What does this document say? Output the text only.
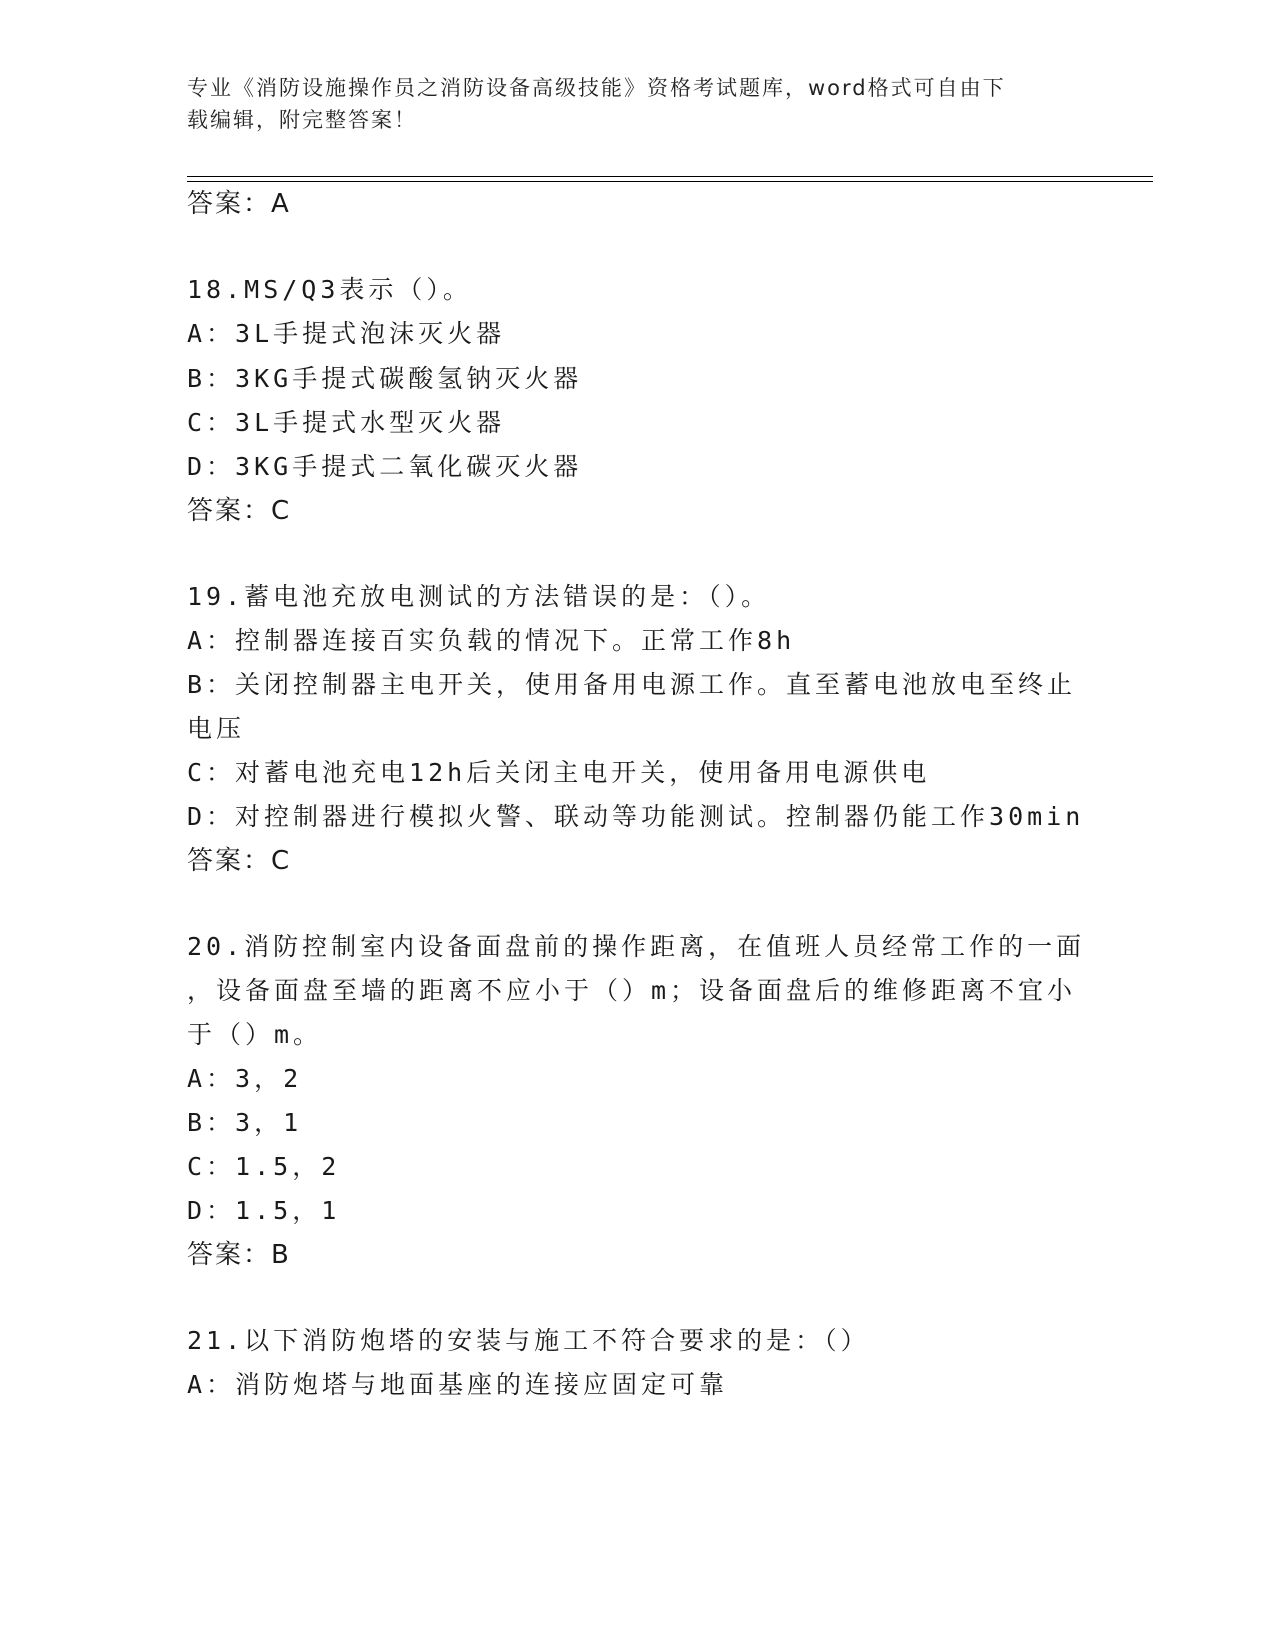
专业《消防设施操作员之消防设备高级技能》资格考试题库，word格式可自由下
载编辑，附完整答案！
答案：A
18.MS/Q3表示（）。
A：3L手提式泡沫灭火器
B：3KG手提式碳酸氢钠灭火器
C：3L手提式水型灭火器
D：3KG手提式二氧化碳灭火器
答案：C
19.蓄电池充放电测试的方法错误的是：（）。
A：控制器连接百实负载的情况下。正常工作8h
B：关闭控制器主电开关，使用备用电源工作。直至蓄电池放电至终止
电压
C：对蓄电池充电12h后关闭主电开关，使用备用电源供电
D：对控制器进行模拟火警、联动等功能测试。控制器仍能工作30min
答案：C
20.消防控制室内设备面盘前的操作距离，在值班人员经常工作的一面
，设备面盘至墙的距离不应小于（）m；设备面盘后的维修距离不宜小
于（）m。
A：3，2
B：3，1
C：1.5，2
D：1.5，1
答案：B
21.以下消防炮塔的安装与施工不符合要求的是：（）
A：消防炮塔与地面基座的连接应固定可靠
